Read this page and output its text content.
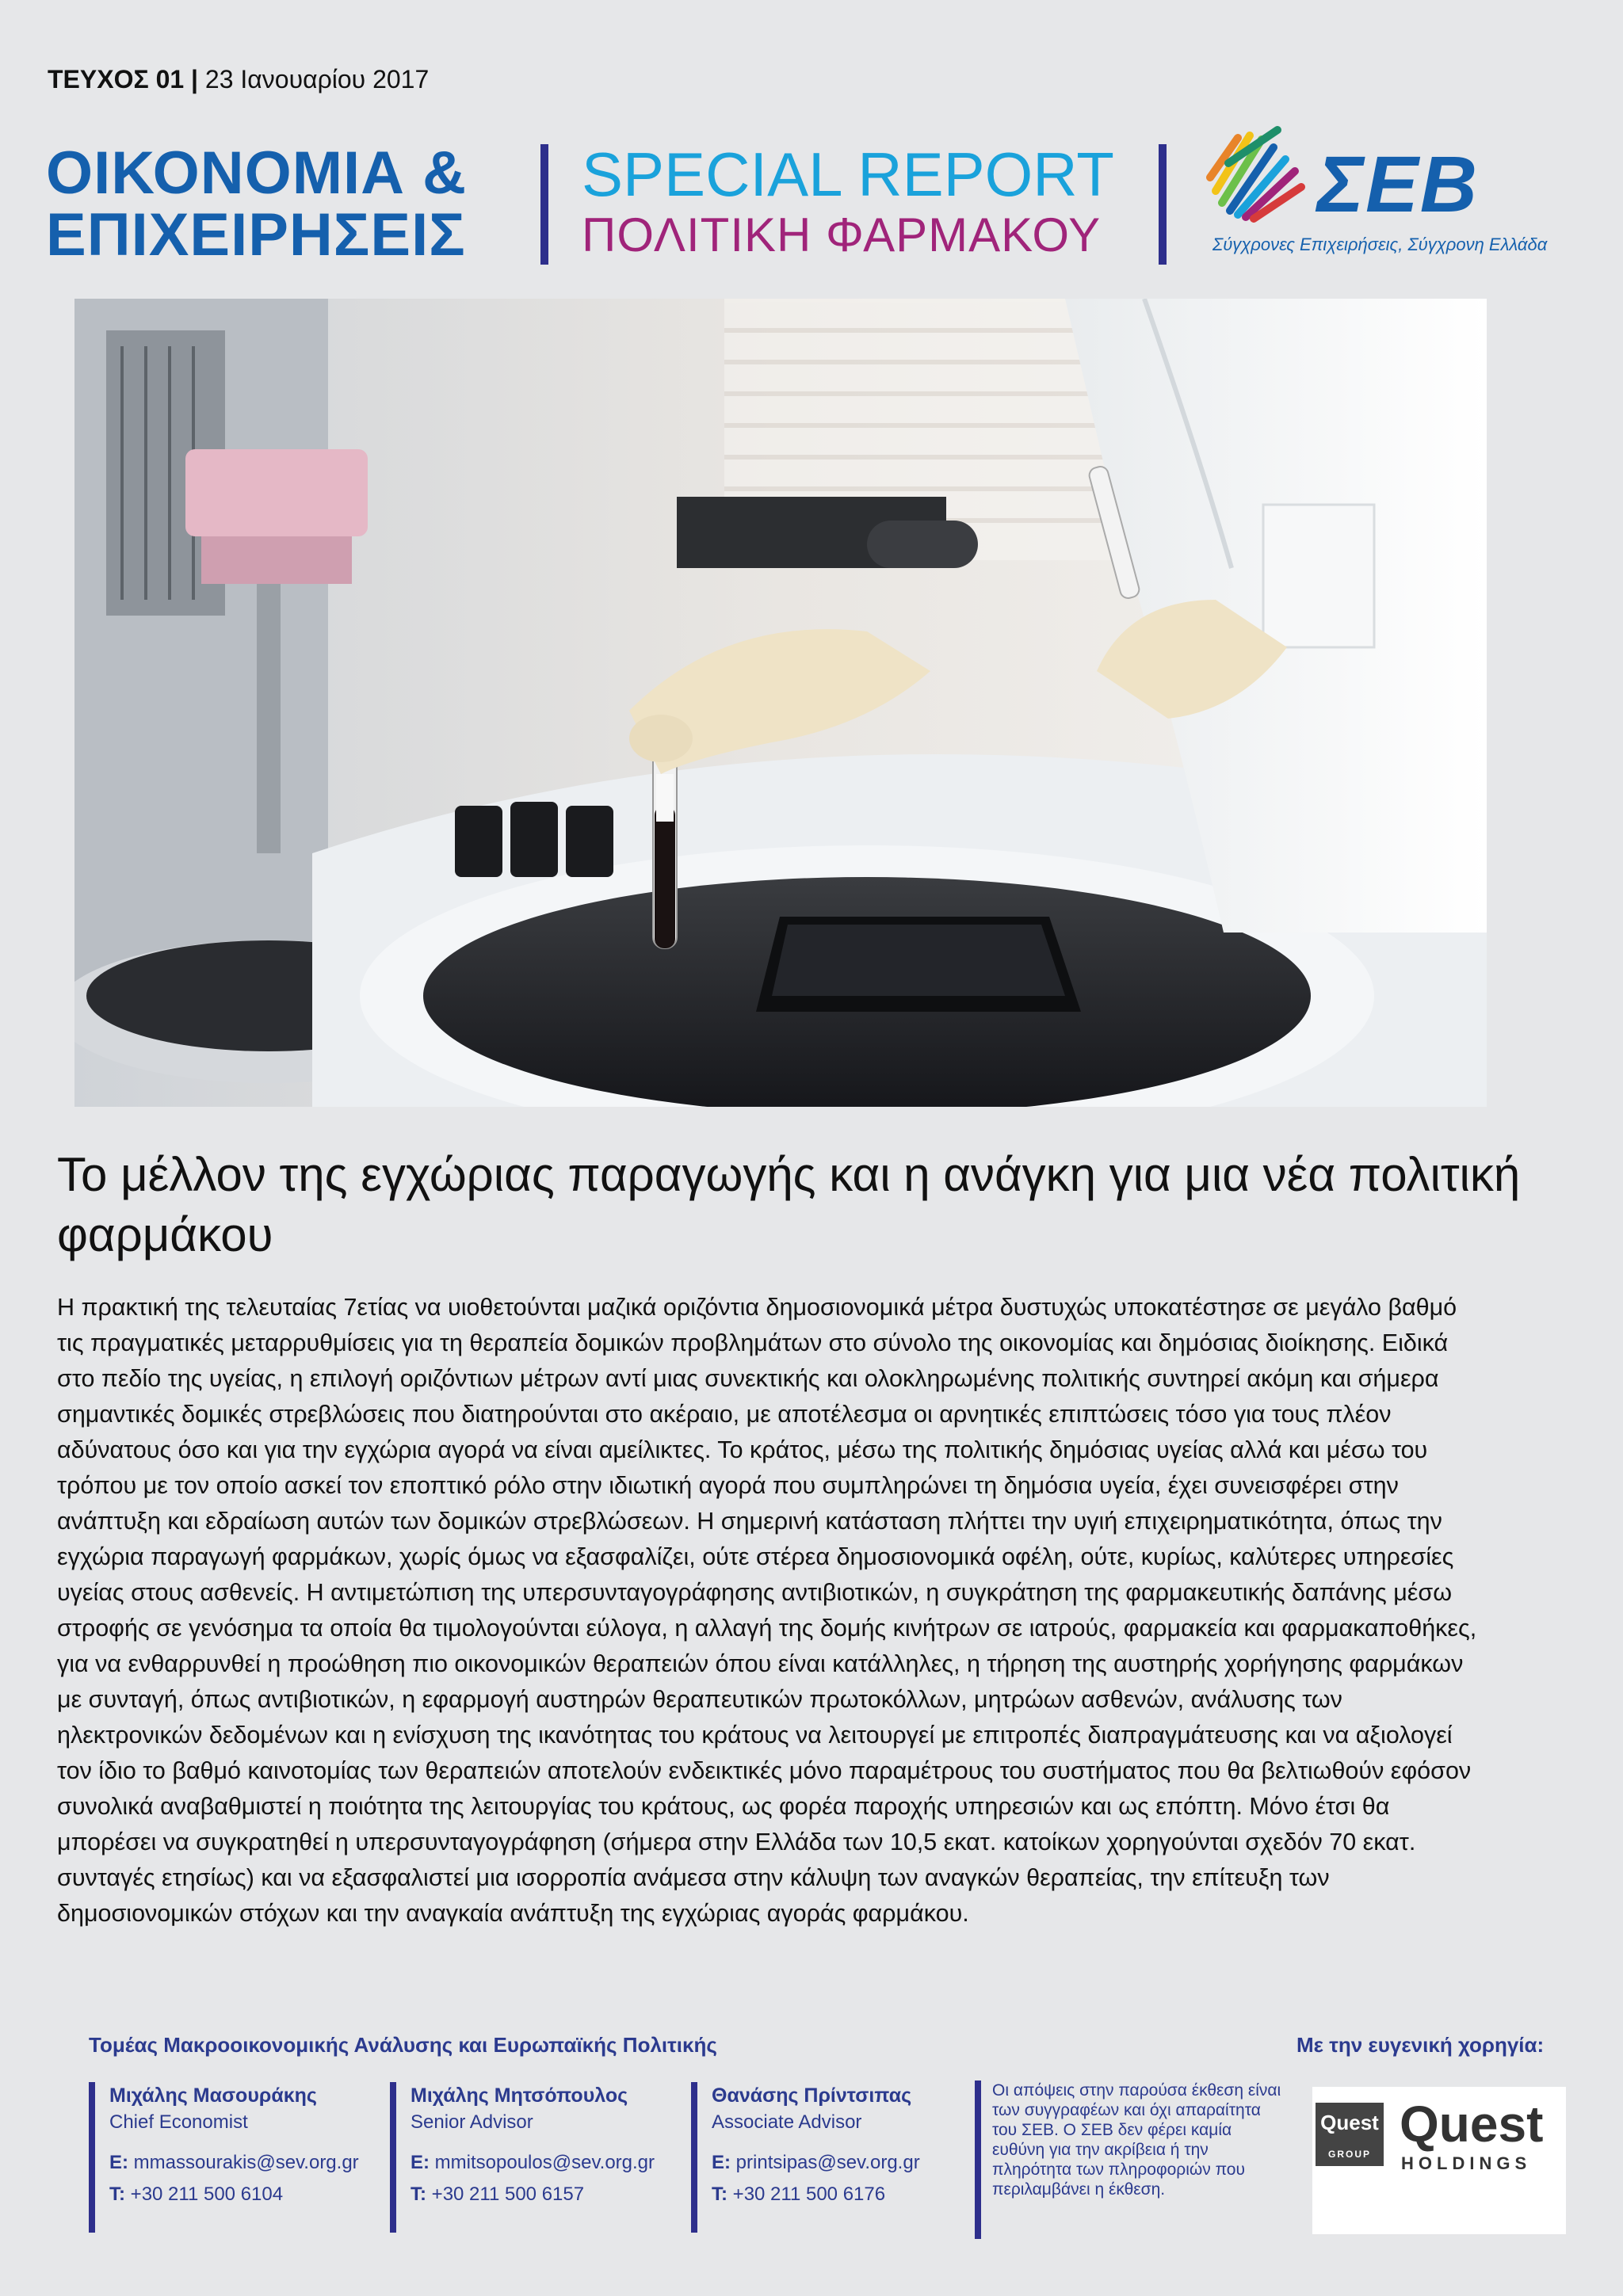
ΤΕΥΧΟΣ 01 | 23 Ιανουαρίου 2017
ΟΙΚΟΝΟΜΙΑ &
ΕΠΙΧΕΙΡΗΣΕΙΣ
SPECIAL REPORT
ΠΟΛΙΤΙΚΗ ΦΑΡΜΑΚΟΥ
ΣΕΒ
Σύγχρονες Επιχειρήσεις, Σύγχρονη Ελλάδα
Το μέλλον της εγχώριας παραγωγής και η ανάγκη για μια νέα πολιτική φαρμάκου

Η πρακτική της τελευταίας 7ετίας να υιοθετούνται μαζικά οριζόντια δημοσιονομικά μέτρα δυστυχώς υποκατέστησε σε μεγάλο βαθμό τις πραγματικές μεταρρυθμίσεις για τη θεραπεία δομικών προβλημάτων στο σύνολο της οικονομίας και δημόσιας διοίκησης. Ειδικά στο πεδίο της υγείας, η επιλογή οριζόντιων μέτρων αντί μιας συνεκτικής και ολοκληρωμένης πολιτικής συντηρεί ακόμη και σήμερα σημαντικές δομικές στρεβλώσεις που διατηρούνται στο ακέραιο, με αποτέλεσμα οι αρνητικές επιπτώσεις τόσο για τους πλέον αδύνατους όσο και για την εγχώρια αγορά να είναι αμείλικτες. Το κράτος, μέσω της πολιτικής δημόσιας υγείας αλλά και μέσω του τρόπου με τον οποίο ασκεί τον εποπτικό ρόλο στην ιδιωτική αγορά που συμπληρώνει τη δημόσια υγεία, έχει συνεισφέρει στην ανάπτυξη και εδραίωση αυτών των δομικών στρεβλώσεων. Η σημερινή κατάσταση πλήττει την υγιή επιχειρηματικότητα, όπως την εγχώρια παραγωγή φαρμάκων, χωρίς όμως να εξασφαλίζει, ούτε στέρεα δημοσιονομικά οφέλη, ούτε, κυρίως, καλύτερες υπηρεσίες υγείας στους ασθενείς. Η αντιμετώπιση της υπερσυνταγογράφησης αντιβιοτικών, η συγκράτηση της φαρμακευτικής δαπάνης μέσω στροφής σε γενόσημα τα οποία θα τιμολογούνται εύλογα, η αλλαγή της δομής κινήτρων σε ιατρούς, φαρμακεία και φαρμακαποθήκες, για να ενθαρρυνθεί η προώθηση πιο οικονομικών θεραπειών όπου είναι κατάλληλες, η τήρηση της αυστηρής χορήγησης φαρμάκων με συνταγή, όπως αντιβιοτικών, η εφαρμογή αυστηρών θεραπευτικών πρωτοκόλλων, μητρώων ασθενών, ανάλυσης των ηλεκτρονικών δεδομένων και η ενίσχυση της ικανότητας του κράτους να λειτουργεί με επιτροπές διαπραγμάτευσης και να αξιολογεί τον ίδιο το βαθμό καινοτομίας των θεραπειών αποτελούν ενδεικτικές μόνο παραμέτρους του συστήματος που θα βελτιωθούν εφόσον συνολικά αναβαθμιστεί η ποιότητα της λειτουργίας του κράτους, ως φορέα παροχής υπηρεσιών και ως επόπτη. Μόνο έτσι θα μπορέσει να συγκρατηθεί η υπερσυνταγογράφηση (σήμερα στην Ελλάδα των 10,5 εκατ. κατοίκων χορηγούνται σχεδόν 70 εκατ. συνταγές ετησίως) και να εξασφαλιστεί μια ισορροπία ανάμεσα στην κάλυψη των αναγκών θεραπείας, την επίτευξη των δημοσιονομικών στόχων και την αναγκαία ανάπτυξη της εγχώριας αγοράς φαρμάκου.

Τομέας Μακροοικονομικής Ανάλυσης και Ευρωπαϊκής Πολιτικής	Με την ευγενική χορηγία:
Μιχάλης Μασουράκης
Chief Economist
E: mmassourakis@sev.org.gr
T: +30 211 500 6104
Μιχάλης Μητσόπουλος
Senior Advisor
E: mmitsopoulos@sev.org.gr
T: +30 211 500 6157
Θανάσης Πρίντσιπας
Associate Advisor
E: printsipas@sev.org.gr
T: +30 211 500 6176
Οι απόψεις στην παρούσα έκθεση είναι των συγγραφέων και όχι απαραίτητα του ΣΕΒ. Ο ΣΕΒ δεν φέρει καμία ευθύνη για την ακρίβεια ή την πληρότητα των πληροφοριών που περιλαμβάνει η έκθεση.
Quest
GROUP
Quest
HOLDINGS
